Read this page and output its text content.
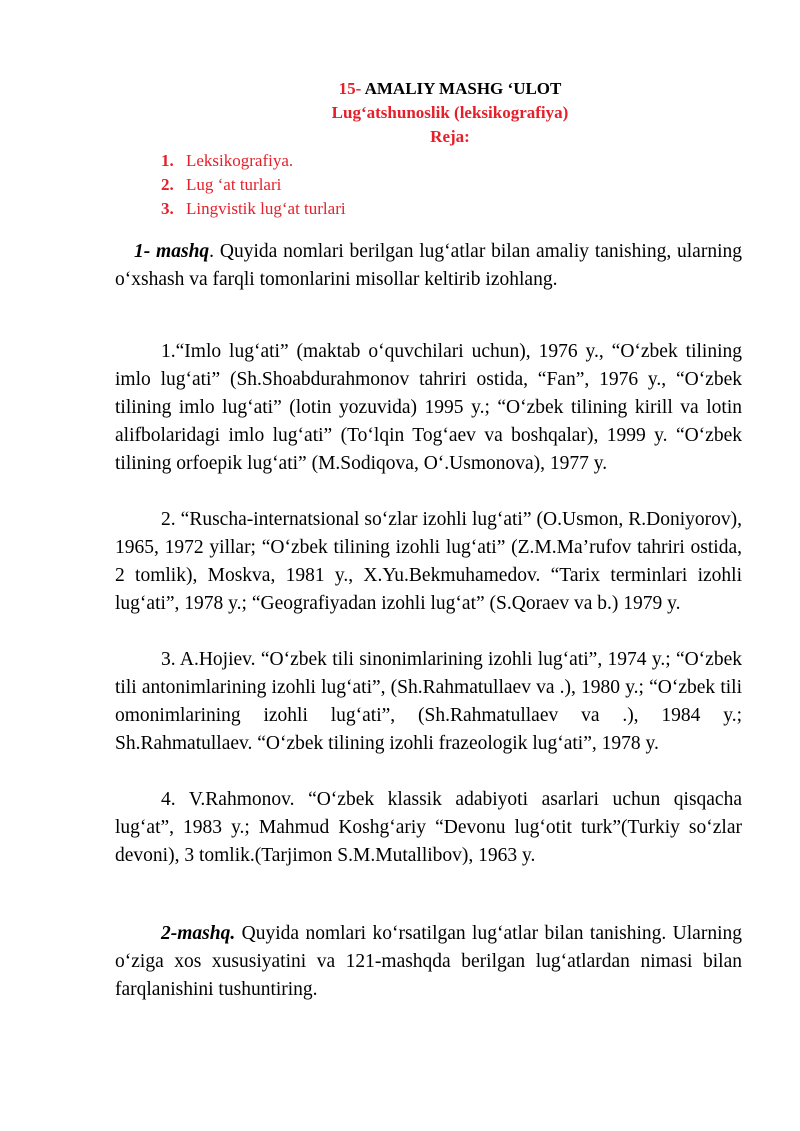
15- AMALIY MASHG ‘ULOT
Lug‘atshunoslik (leksikografiya)
Reja:
1. Leksikografiya.
2. Lug ‘at turlari
3. Lingvistik lug‘at turlari

1- mashq. Quyida nomlari berilgan lug‘atlar bilan amaliy tanishing, ularning o‘xshash va farqli tomonlarini misollar keltirib izohlang.

1.“Imlo lug‘ati” (maktab o‘quvchilari uchun), 1976 y., “O‘zbek tilining imlo lug‘ati” (Sh.Shoabdurahmonov tahriri ostida, “Fan”, 1976 y., “O‘zbek tilining imlo lug‘ati” (lotin yozuvida) 1995 y.; “O‘zbek tilining kirill va lotin alifbolaridagi imlo lug‘ati” (To‘lqin Tog‘aev va boshqalar), 1999 y. “O‘zbek tilining orfoepik lug‘ati” (M.Sodiqova, O‘.Usmonova), 1977 y.

2. “Ruscha-internatsional so‘zlar izohli lug‘ati” (O.Usmon, R.Doniyorov), 1965, 1972 yillar; “O‘zbek tilining izohli lug‘ati” (Z.M.Ma’rufov tahriri ostida, 2 tomlik), Moskva, 1981 y., X.Yu.Bekmuhamedov. “Tarix terminlari izohli lug‘ati”, 1978 y.; “Geografiyadan izohli lug‘at” (S.Qoraev va b.) 1979 y.

3. A.Hojiev. “O‘zbek tili sinonimlarining izohli lug‘ati”, 1974 y.; “O‘zbek tili antonimlarining izohli lug‘ati”, (Sh.Rahmatullaev va .), 1980 y.; “O‘zbek tili omonimlarining izohli lug‘ati”, (Sh.Rahmatullaev va .), 1984 y.; Sh.Rahmatullaev. “O‘zbek tilining izohli frazeologik lug‘ati”, 1978 y.

4. V.Rahmonov. “O‘zbek klassik adabiyoti asarlari uchun qisqacha lug‘at”, 1983 y.; Mahmud Koshg‘ariy “Devonu lug‘otit turk”(Turkiy so‘zlar devoni), 3 tomlik.(Tarjimon S.M.Mutallibov), 1963 y.

2-mashq. Quyida nomlari ko‘rsatilgan lug‘atlar bilan tanishing. Ularning o‘ziga xos xususiyatini va 121-mashqda berilgan lug‘atlardan nimasi bilan farqlanishini tushuntiring.
